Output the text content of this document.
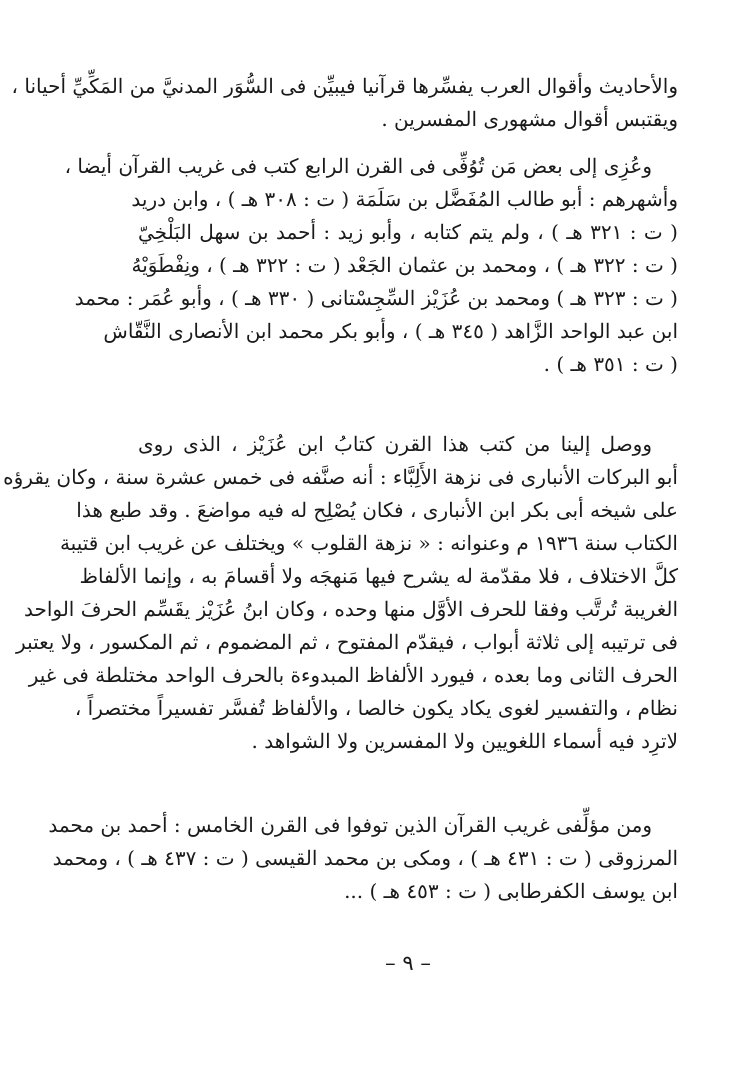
والأحاديث وأقوال العرب يفسِّرها قرآنيا فيبيِّن فى السُّوَر المدنيَّ من المَكِّيِّ أحيانا ،
ويقتبس أقوال مشهورى المفسرين .
وعُزِى إلى بعض مَن تُوُفِّى فى القرن الرابع كتب فى غريب القرآن أيضا ،
وأشهرهم : أبو طالب المُفَضَّل بن سَلَمَة ( ت : ٣٠٨ هـ ) ، وابن دريد
( ت : ٣٢١ هـ ) ، ولم يتم كتابه ، وأبو زيد : أحمد بن سهل البَلْخِيّ
( ت : ٣٢٢ هـ ) ، ومحمد بن عثمان الجَعْد ( ت : ٣٢٢ هـ ) ، ونِفْطَوَيْهُ
( ت : ٣٢٣ هـ ) ومحمد بن عُزَيْز السِّجِسْتانى ( ٣٣٠ هـ ) ، وأبو عُمَر : محمد
ابن عبد الواحد الزَّاهد ( ٣٤٥ هـ ) ، وأبو بكر محمد ابن الأنصارى النَّقّاش
( ت : ٣٥١ هـ ) .
ووصل إلينا من كتب هذا القرن كتابُ ابن عُزَيْز ، الذى روى
أبو البركات الأنبارى فى نزهة الأَلِبَّاء : أنه صنَّفه فى خمس عشرة سنة ، وكان يقرؤه
على شيخه أبى بكر ابن الأنبارى ، فكان يُصْلِح له فيه مواضعَ . وقد طبع هذا
الكتاب سنة ١٩٣٦ م وعنوانه : « نزهة القلوب » ويختلف عن غريب ابن قتيبة
كلَّ الاختلاف ، فلا مقدّمة له يشرح فيها مَنهجَه ولا أقسامَ به ، وإنما الألفاظ
الغريبة تُرتَّب وفقا للحرف الأوَّل منها وحده ، وكان ابنُ عُزَيْز يقَسِّم الحرفَ الواحد
فى ترتيبه إلى ثلاثة أبواب ، فيقدّم المفتوح ، ثم المضموم ، ثم المكسور ، ولا يعتبر
الحرف الثانى وما بعده ، فيورد الألفاظ المبدوءة بالحرف الواحد مختلطة فى غير
نظام ، والتفسير لغوى يكاد يكون خالصا ، والألفاظ تُفسَّر تفسيراً مختصراً ،
لاترِد فيه أسماء اللغويين ولا المفسرين ولا الشواهد .
ومن مؤلِّفى غريب القرآن الذين توفوا فى القرن الخامس : أحمد بن محمد
المرزوقى ( ت : ٤٣١ هـ ) ، ومكى بن محمد القيسى ( ت : ٤٣٧ هـ ) ، ومحمد
ابن يوسف الكفرطابى ( ت : ٤٥٣ هـ ) ...
– ٩ –
